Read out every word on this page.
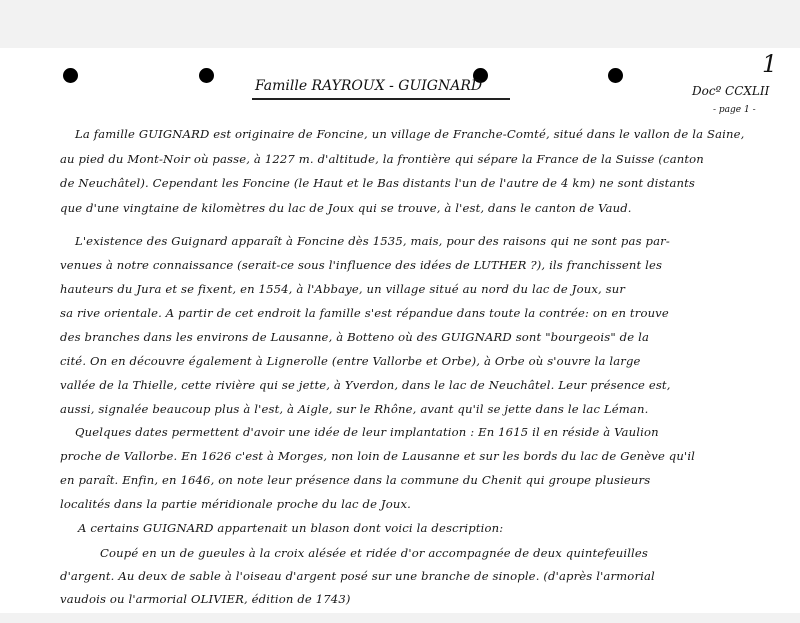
1
Famille RAYROUX - GUIGNARD	Docº CCXLII
- page 1 -
La famille GUIGNARD est originaire de Foncine, un village de Franche-Comté, situé dans le vallon de la Saine,
au pied du Mont-Noir où passe, à 1227 m. d'altitude, la frontière qui sépare la France de la Suisse (canton
de Neuchâtel). Cependant les Foncine (le Haut et le Bas distants l'un de l'autre de 4 km) ne sont distants
que d'une vingtaine de kilomètres du lac de Joux qui se trouve, à l'est, dans le canton de Vaud.
L'existence des Guignard apparaît à Foncine dès 1535, mais, pour des raisons qui ne sont pas par-
venues à notre connaissance (serait-ce sous l'influence des idées de LUTHER ?), ils franchissent les
hauteurs du Jura et se fixent, en 1554, à l'Abbaye, un village situé au nord du lac de Joux, sur
sa rive orientale. A partir de cet endroit la famille s'est répandue dans toute la contrée: on en trouve
des branches dans les environs de Lausanne, à Botteno où des GUIGNARD sont "bourgeois" de la
cité. On en découvre également à Lignerolle (entre Vallorbe et Orbe), à Orbe où s'ouvre la large
vallée de la Thielle, cette rivière qui se jette, à Yverdon, dans le lac de Neuchâtel. Leur présence est,
aussi, signalée beaucoup plus à l'est, à Aigle, sur le Rhône, avant qu'il se jette dans le lac Léman.
Quelques dates permettent d'avoir une idée de leur implantation : En 1615 il en réside à Vaulion
proche de Vallorbe. En 1626 c'est à Morges, non loin de Lausanne et sur les bords du lac de Genève qu'il
en paraît. Enfin, en 1646, on note leur présence dans la commune du Chenit qui groupe plusieurs
localités dans la partie méridionale proche du lac de Joux.
A certains GUIGNARD appartenait un blason dont voici la description:
Coupé en un de gueules à la croix alésée et ridée d'or accompagnée de deux quintefeuilles
d'argent. Au deux de sable à l'oiseau d'argent posé sur une branche de sinople. (d'après l'armorial
vaudois ou l'armorial OLIVIER, édition de 1743)
